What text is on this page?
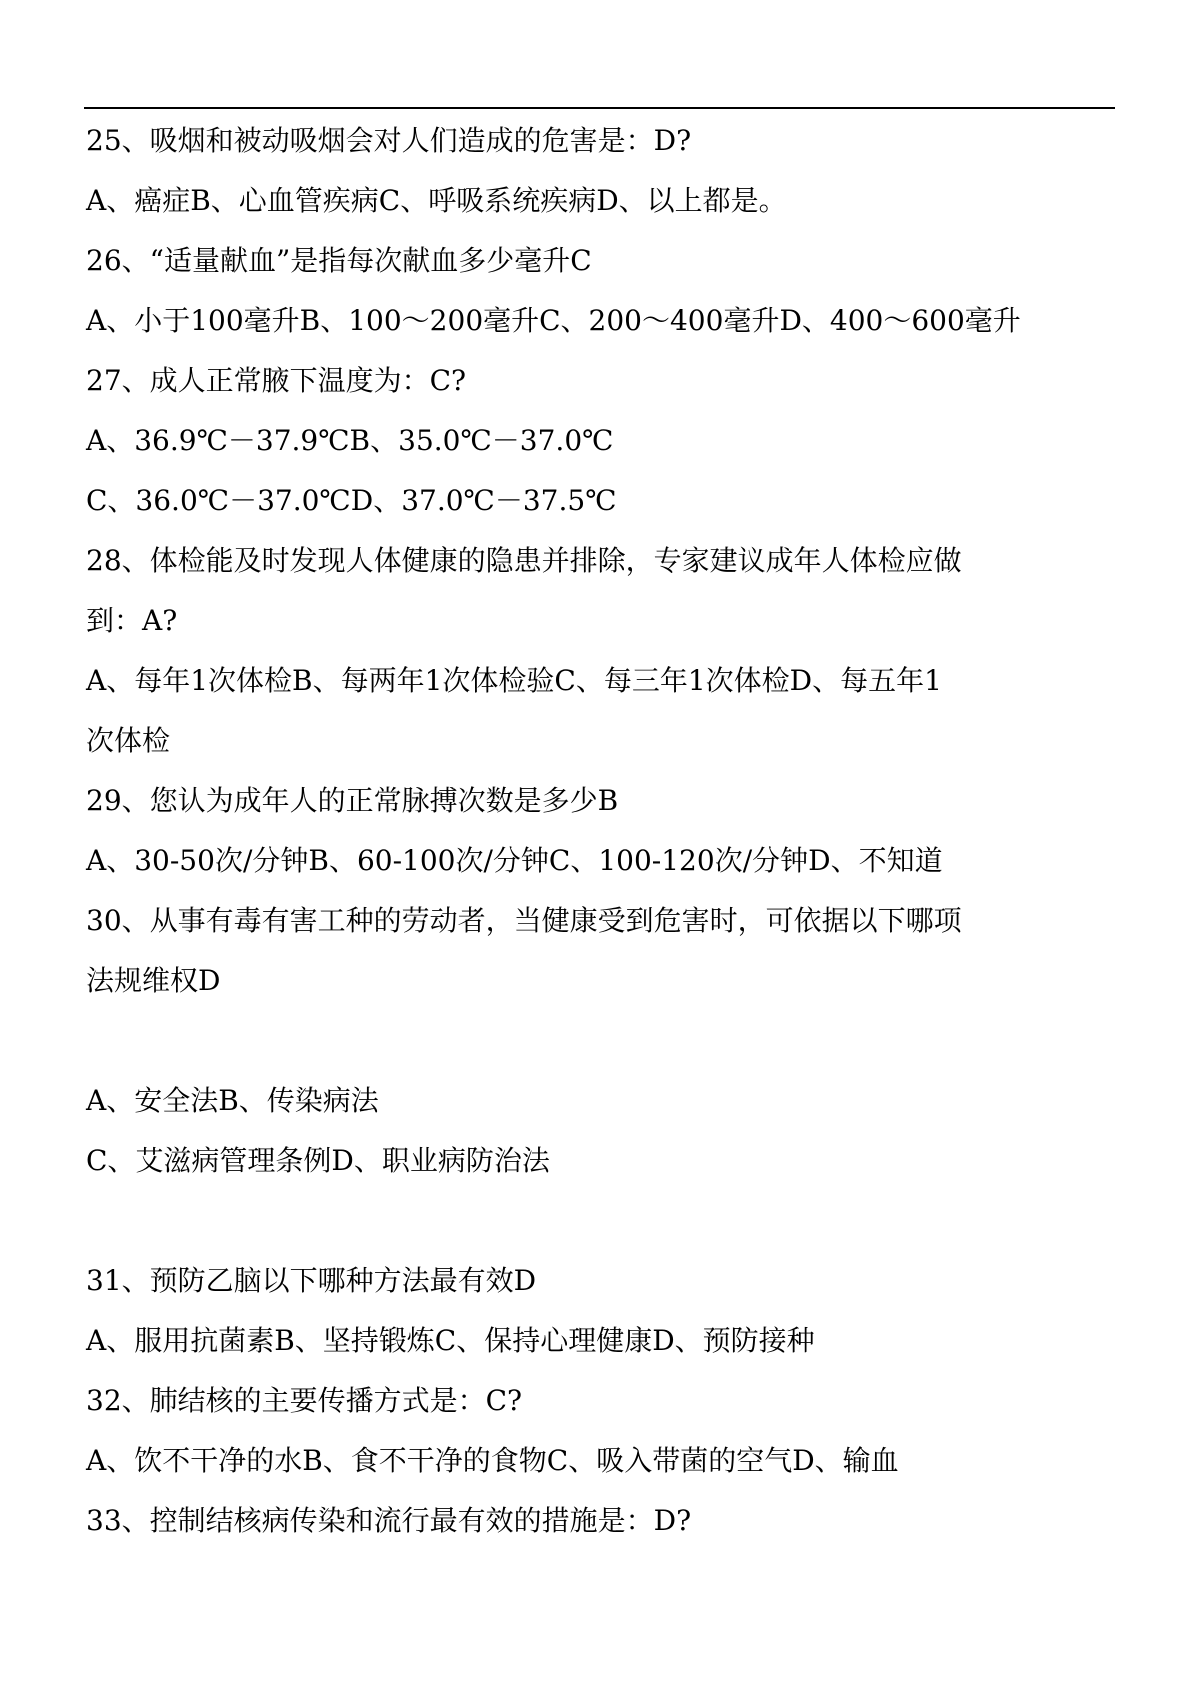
25、吸烟和被动吸烟会对人们造成的危害是：D?
A、癌症B、心血管疾病C、呼吸系统疾病D、以上都是。
26、“适量献血”是指每次献血多少毫升C
A、小于100毫升B、100～200毫升C、200～400毫升D、400～600毫升
27、成人正常腋下温度为：C?
A、36.9℃－37.9℃B、35.0℃－37.0℃
C、36.0℃－37.0℃D、37.0℃－37.5℃
28、体检能及时发现人体健康的隐患并排除，专家建议成年人体检应做
到：A?
A、每年1次体检B、每两年1次体检验C、每三年1次体检D、每五年1
次体检
29、您认为成年人的正常脉搏次数是多少B
A、30-50次/分钟B、60-100次/分钟C、100-120次/分钟D、不知道
30、从事有毒有害工种的劳动者，当健康受到危害时，可依据以下哪项
法规维权D
A、安全法B、传染病法
C、艾滋病管理条例D、职业病防治法
31、预防乙脑以下哪种方法最有效D
A、服用抗菌素B、坚持锻炼C、保持心理健康D、预防接种
32、肺结核的主要传播方式是：C?
A、饮不干净的水B、食不干净的食物C、吸入带菌的空气D、输血
33、控制结核病传染和流行最有效的措施是：D?
